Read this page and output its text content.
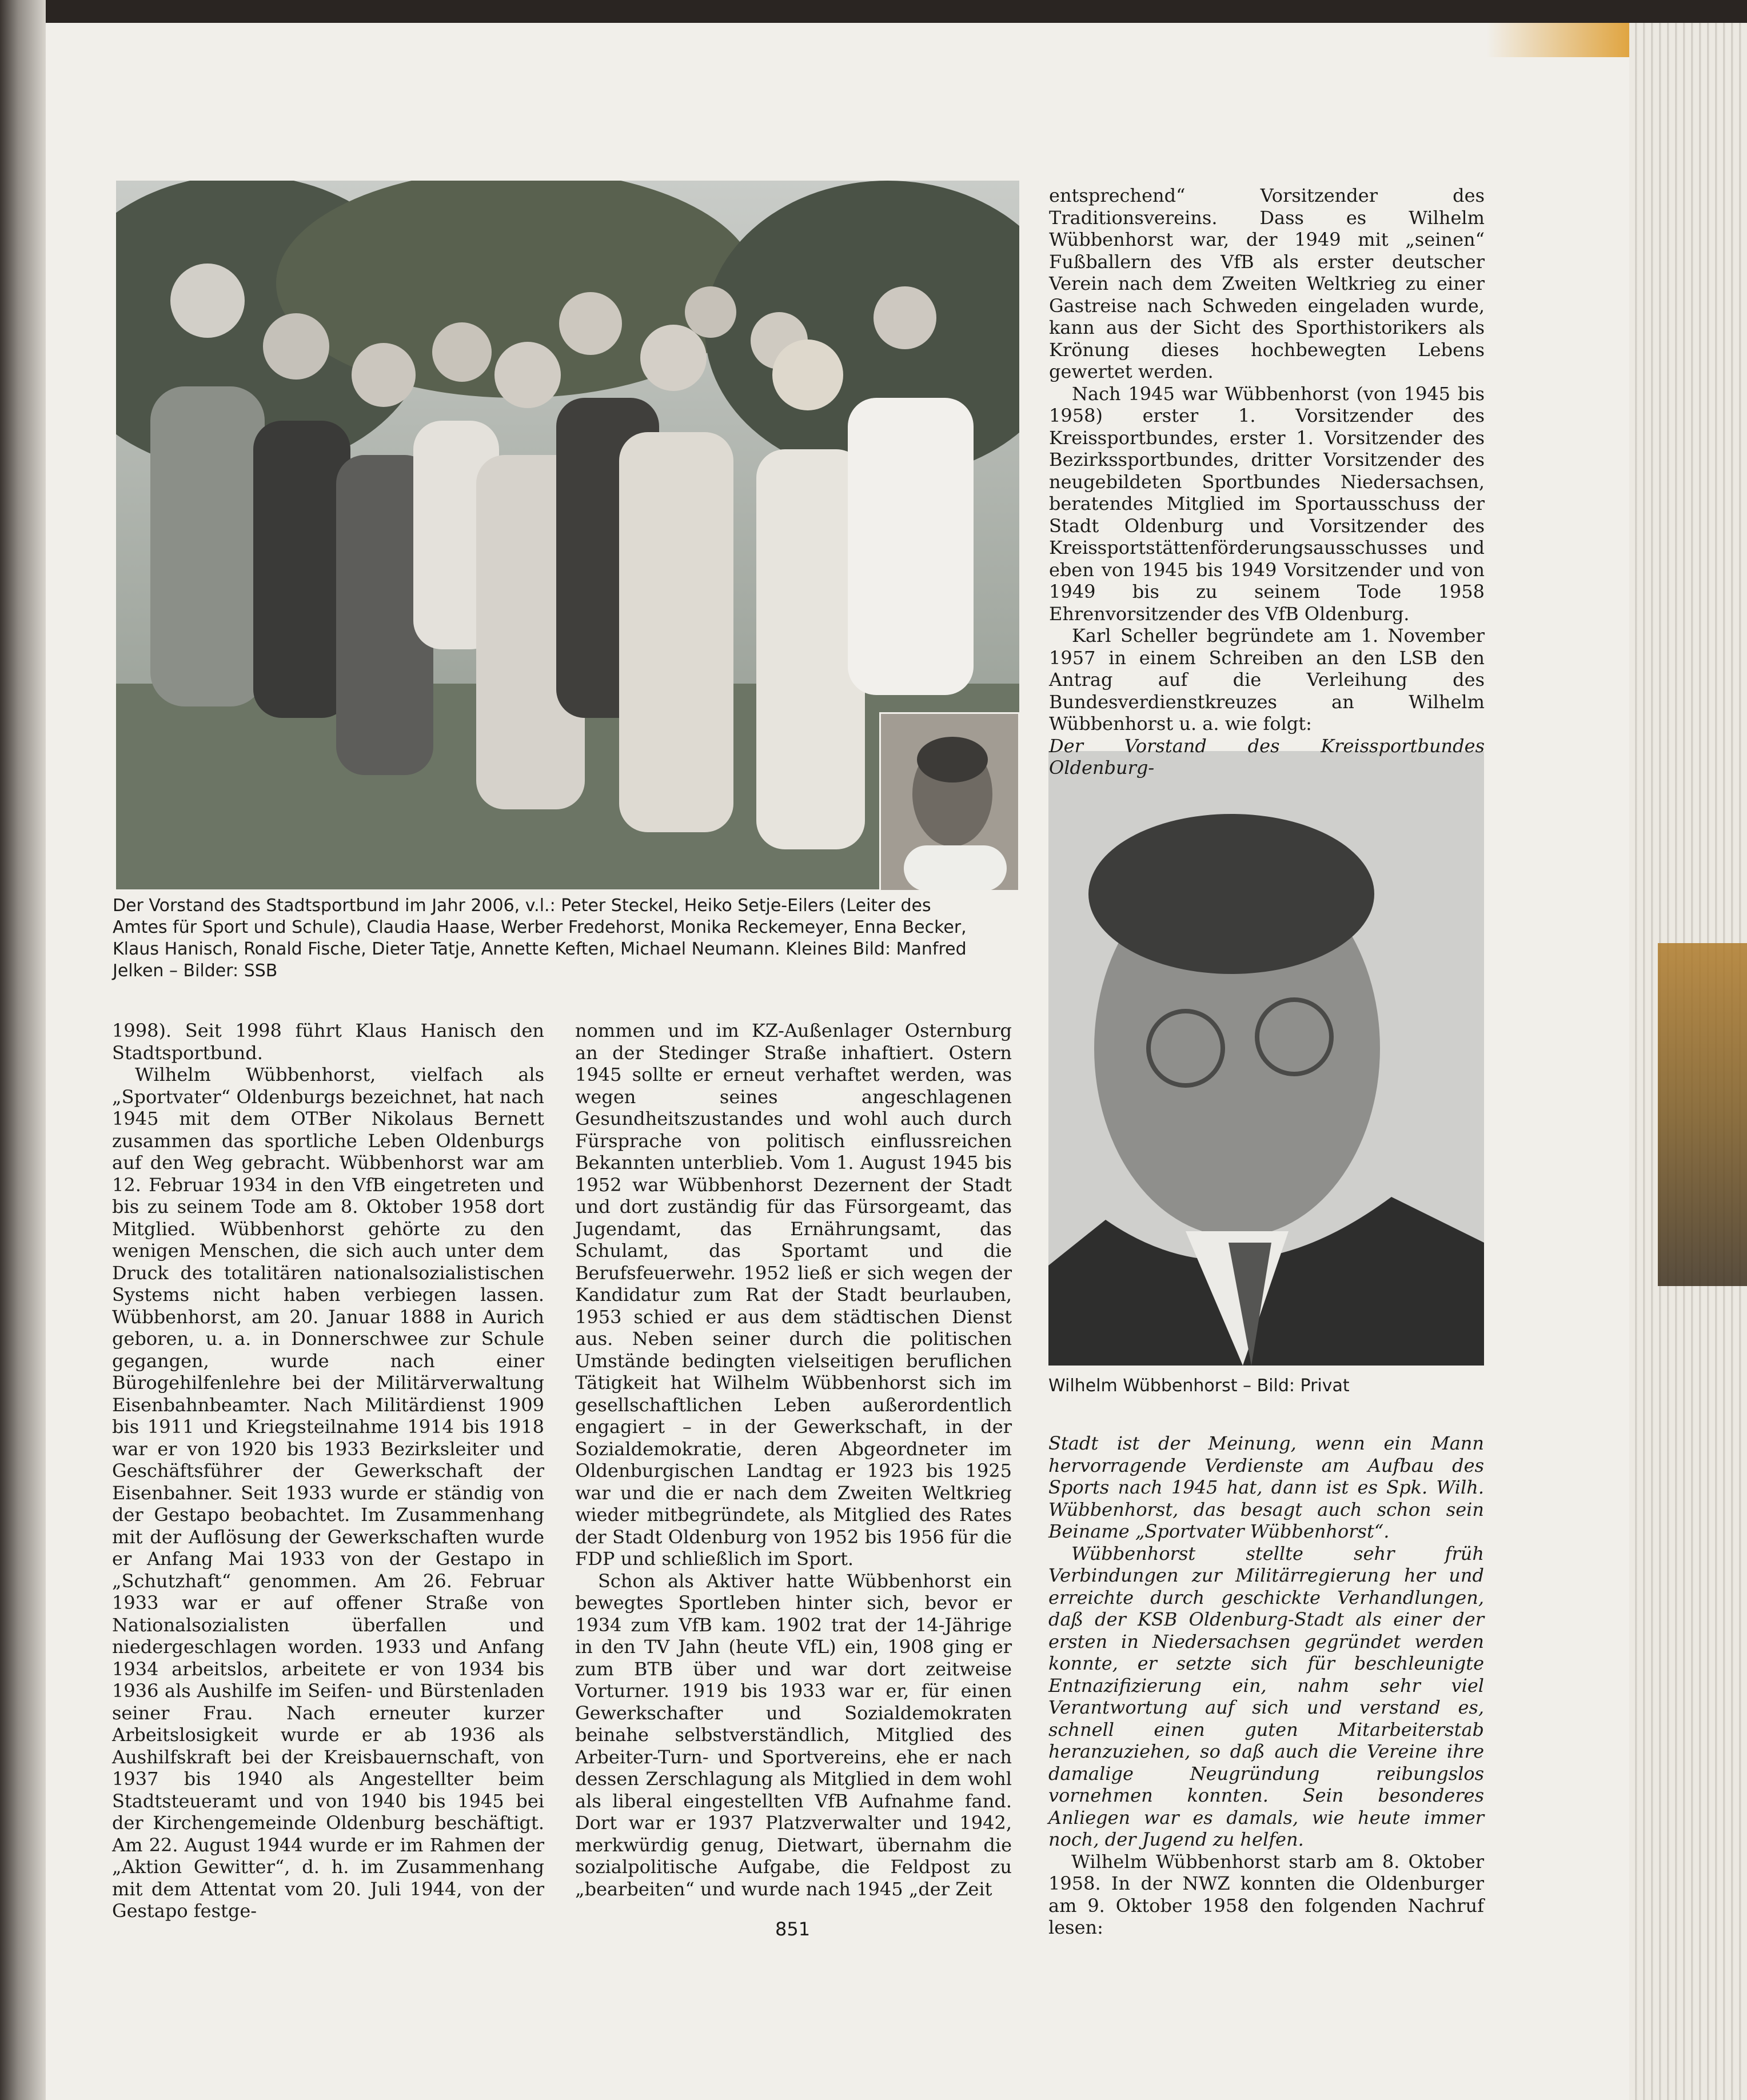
Der Vorstand des Stadtsportbund im Jahr 2006, v.l.: Peter Steckel, Heiko Setje-Eilers (Leiter des Amtes für Sport und Schule), Claudia Haase, Werber Fredehorst, Monika Reckemeyer, Enna Becker, Klaus Hanisch, Ronald Fische, Dieter Tatje, Annette Keften, Michael Neumann. Kleines Bild: Manfred Jelken – Bilder: SSB
Wilhelm Wübbenhorst – Bild: Privat

1998). Seit 1998 führt Klaus Hanisch den Stadtsportbund.

Wilhelm Wübbenhorst, vielfach als „Sportvater“ Oldenburgs bezeichnet, hat nach 1945 mit dem OTBer Nikolaus Bernett zusammen das sportliche Leben Oldenburgs auf den Weg gebracht. Wübbenhorst war am 12. Februar 1934 in den VfB eingetreten und bis zu seinem Tode am 8. Oktober 1958 dort Mitglied. Wübbenhorst gehörte zu den wenigen Menschen, die sich auch unter dem Druck des totalitären nationalsozialistischen Systems nicht haben verbiegen lassen. Wübbenhorst, am 20. Januar 1888 in Aurich geboren, u. a. in Donnerschwee zur Schule gegangen, wurde nach einer Bürogehilfenlehre bei der Militärverwaltung Eisenbahnbeamter. Nach Militärdienst 1909 bis 1911 und Kriegsteilnahme 1914 bis 1918 war er von 1920 bis 1933 Bezirksleiter und Geschäftsführer der Gewerkschaft der Eisenbahner. Seit 1933 wurde er ständig von der Gestapo beobachtet. Im Zusammenhang mit der Auflösung der Gewerkschaften wurde er Anfang Mai 1933 von der Gestapo in „Schutzhaft“ genommen. Am 26. Februar 1933 war er auf offener Straße von Nationalsozialisten überfallen und niedergeschlagen worden. 1933 und Anfang 1934 arbeitslos, arbeitete er von 1934 bis 1936 als Aushilfe im Seifen- und Bürstenladen seiner Frau. Nach erneuter kurzer Arbeitslosigkeit wurde er ab 1936 als Aushilfskraft bei der Kreisbauernschaft, von 1937 bis 1940 als Angestellter beim Stadtsteueramt und von 1940 bis 1945 bei der Kirchengemeinde Oldenburg beschäftigt. Am 22. August 1944 wurde er im Rahmen der „Aktion Gewitter“, d. h. im Zusammenhang mit dem Attentat vom 20. Juli 1944, von der Gestapo festge-

nommen und im KZ-Außenlager Osternburg an der Stedinger Straße inhaftiert. Ostern 1945 sollte er erneut verhaftet werden, was wegen seines angeschlagenen Gesundheitszustandes und wohl auch durch Fürsprache von politisch einflussreichen Bekannten unterblieb. Vom 1. August 1945 bis 1952 war Wübbenhorst Dezernent der Stadt und dort zuständig für das Fürsorgeamt, das Jugendamt, das Ernährungsamt, das Schulamt, das Sportamt und die Berufsfeuerwehr. 1952 ließ er sich wegen der Kandidatur zum Rat der Stadt beurlauben, 1953 schied er aus dem städtischen Dienst aus. Neben seiner durch die politischen Umstände bedingten vielseitigen beruflichen Tätigkeit hat Wilhelm Wübbenhorst sich im gesellschaftlichen Leben außerordentlich engagiert – in der Gewerkschaft, in der Sozialdemokratie, deren Abgeordneter im Oldenburgischen Landtag er 1923 bis 1925 war und die er nach dem Zweiten Weltkrieg wieder mitbegründete, als Mitglied des Rates der Stadt Oldenburg von 1952 bis 1956 für die FDP und schließlich im Sport.

Schon als Aktiver hatte Wübbenhorst ein bewegtes Sportleben hinter sich, bevor er 1934 zum VfB kam. 1902 trat der 14-Jährige in den TV Jahn (heute VfL) ein, 1908 ging er zum BTB über und war dort zeitweise Vorturner. 1919 bis 1933 war er, für einen Gewerkschafter und Sozialdemokraten beinahe selbstverständlich, Mitglied des Arbeiter-Turn- und Sportvereins, ehe er nach dessen Zerschlagung als Mitglied in dem wohl als liberal eingestellten VfB Aufnahme fand. Dort war er 1937 Platzverwalter und 1942, merkwürdig genug, Dietwart, übernahm die sozialpolitische Aufgabe, die Feldpost zu „bearbeiten“ und wurde nach 1945 „der Zeit

entsprechend“ Vorsitzender des Traditionsvereins. Dass es Wilhelm Wübbenhorst war, der 1949 mit „seinen“ Fußballern des VfB als erster deutscher Verein nach dem Zweiten Weltkrieg zu einer Gastreise nach Schweden eingeladen wurde, kann aus der Sicht des Sporthistorikers als Krönung dieses hochbewegten Lebens gewertet werden.

Nach 1945 war Wübbenhorst (von 1945 bis 1958) erster 1. Vorsitzender des Kreissportbundes, erster 1. Vorsitzender des Bezirkssportbundes, dritter Vorsitzender des neugebildeten Sportbundes Niedersachsen, beratendes Mitglied im Sportausschuss der Stadt Oldenburg und Vorsitzender des Kreissportstättenförderungsausschusses und eben von 1945 bis 1949 Vorsitzender und von 1949 bis zu seinem Tode 1958 Ehrenvorsitzender des VfB Oldenburg.

Karl Scheller begründete am 1. November 1957 in einem Schreiben an den LSB den Antrag auf die Verleihung des Bundesverdienstkreuzes an Wilhelm Wübbenhorst u. a. wie folgt:

Der Vorstand des Kreissportbundes Oldenburg-

Stadt ist der Meinung, wenn ein Mann hervorragende Verdienste am Aufbau des Sports nach 1945 hat, dann ist es Spk. Wilh. Wübbenhorst, das besagt auch schon sein Beiname „Sportvater Wübbenhorst“.

Wübbenhorst stellte sehr früh Verbindungen zur Militärregierung her und erreichte durch geschickte Verhandlungen, daß der KSB Oldenburg-Stadt als einer der ersten in Niedersachsen gegründet werden konnte, er setzte sich für beschleunigte Entnazifizierung ein, nahm sehr viel Verantwortung auf sich und verstand es, schnell einen guten Mitarbeiterstab heranzuziehen, so daß auch die Vereine ihre damalige Neugründung reibungslos vornehmen konnten. Sein besonderes Anliegen war es damals, wie heute immer noch, der Jugend zu helfen.

Wilhelm Wübbenhorst starb am 8. Oktober 1958. In der NWZ konnten die Oldenburger am 9. Oktober 1958 den folgenden Nachruf lesen:

851
